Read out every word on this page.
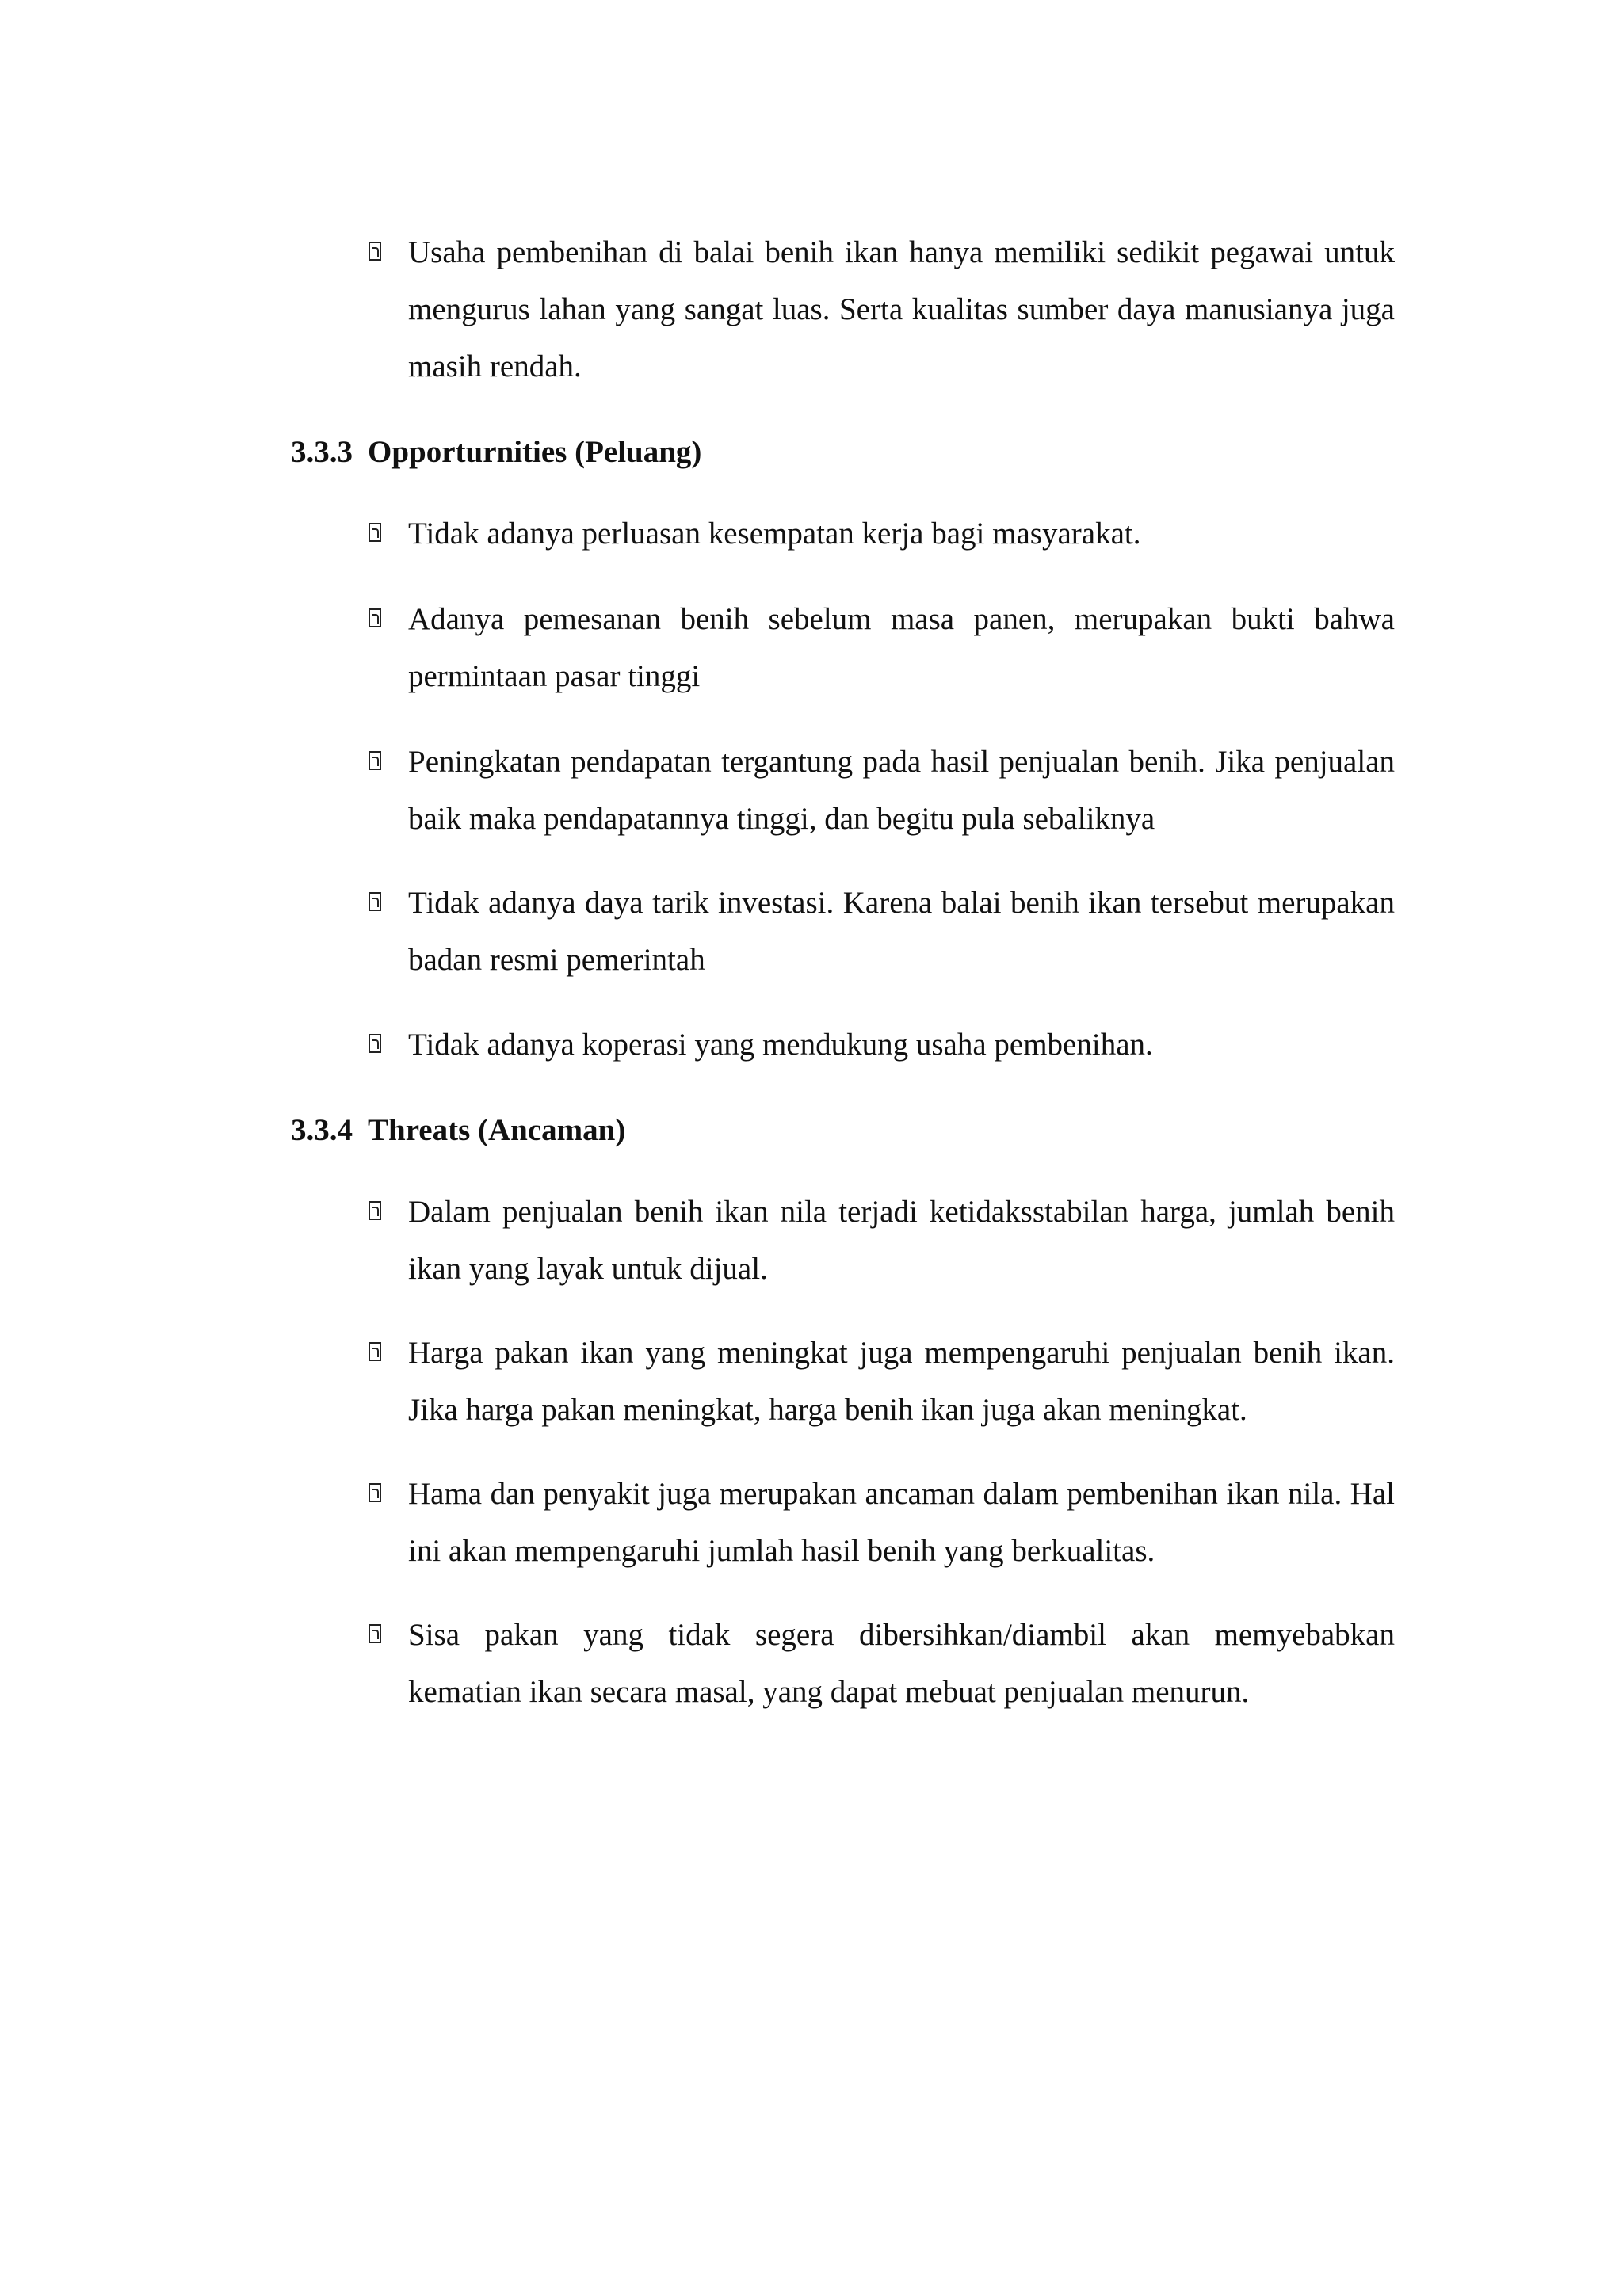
Usaha pembenihan di balai benih ikan hanya memiliki sedikit pegawai untuk mengurus lahan yang sangat luas. Serta kualitas sumber daya manusianya juga masih rendah.
3.3.3 Opporturnities (Peluang)
Tidak adanya perluasan kesempatan kerja bagi masyarakat.
Adanya pemesanan benih sebelum masa panen, merupakan bukti bahwa permintaan pasar tinggi
Peningkatan pendapatan tergantung pada hasil penjualan benih. Jika penjualan baik maka pendapatannya tinggi, dan begitu pula sebaliknya
Tidak adanya daya tarik investasi. Karena balai benih ikan tersebut merupakan badan resmi pemerintah
Tidak adanya koperasi yang mendukung usaha pembenihan.
3.3.4 Threats (Ancaman)
Dalam penjualan benih ikan nila terjadi ketidaksstabilan harga, jumlah benih ikan yang layak untuk dijual.
Harga pakan ikan yang meningkat juga mempengaruhi penjualan benih ikan. Jika harga pakan meningkat, harga benih ikan juga akan meningkat.
Hama dan penyakit juga merupakan ancaman dalam pembenihan ikan nila. Hal ini akan mempengaruhi jumlah hasil benih yang berkualitas.
Sisa pakan yang tidak segera dibersihkan/diambil akan memyebabkan kematian ikan secara masal, yang dapat mebuat penjualan menurun.
